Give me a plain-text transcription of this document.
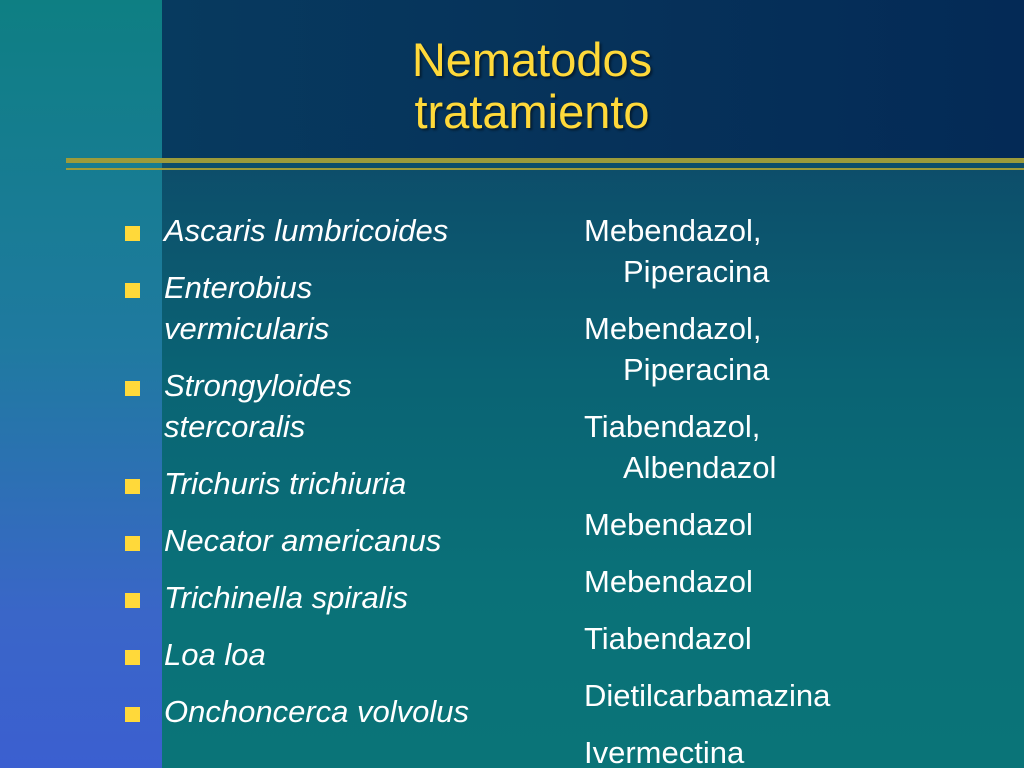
Nematodos
tratamiento
Ascaris lumbricoides
Enterobius
vermicularis
Strongyloides
stercoralis
Trichuris trichiuria
Necator americanus
Trichinella spiralis
Loa loa
Onchoncerca volvolus
Mebendazol,
Piperacina
Mebendazol,
Piperacina
Tiabendazol,
Albendazol
Mebendazol
Mebendazol
Tiabendazol
Dietilcarbamazina
Ivermectina
